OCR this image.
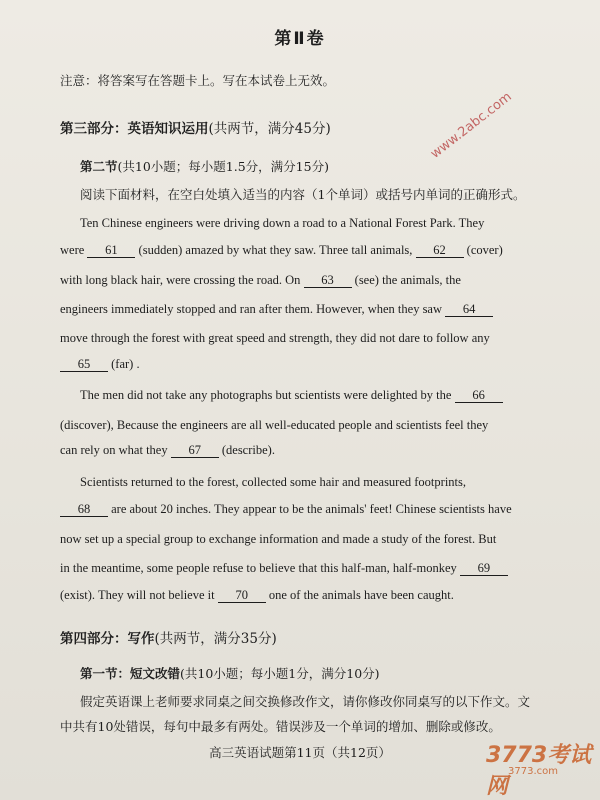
第Ⅱ卷
注意：将答案写在答题卡上。写在本试卷上无效。
第三部分：英语知识运用(共两节，满分45分)
第二节(共10小题；每小题1.5分，满分15分)
阅读下面材料，在空白处填入适当的内容（1个单词）或括号内单词的正确形式。
Ten Chinese engineers were driving down a road to a National Forest Park. They
were 61 (sudden) amazed by what they saw. Three tall animals, 62 (cover)
with long black hair, were crossing the road. On 63 (see) the animals, the
engineers immediately stopped and ran after them. However, when they saw 64
move through the forest with great speed and strength, they did not dare to follow any
65 (far) .
The men did not take any photographs but scientists were delighted by the 66
(discover), Because the engineers are all well-educated people and scientists feel they
can rely on what they 67 (describe).
Scientists returned to the forest, collected some hair and measured footprints,
68 are about 20 inches. They appear to be the animals' feet! Chinese scientists have
now set up a special group to exchange information and made a study of the forest. But
in the meantime, some people refuse to believe that this half-man, half-monkey 69
(exist). They will not believe it 70 one of the animals have been caught.
第四部分：写作(共两节，满分35分)
第一节：短文改错(共10小题；每小题1分，满分10分)
假定英语课上老师要求同桌之间交换修改作文，请你修改你同桌写的以下作文。文
中共有10处错误，每句中最多有两处。错误涉及一个单词的增加、删除或修改。
高三英语试题第11页（共12页）
www.2abc.com
3773考试网
3773.com
